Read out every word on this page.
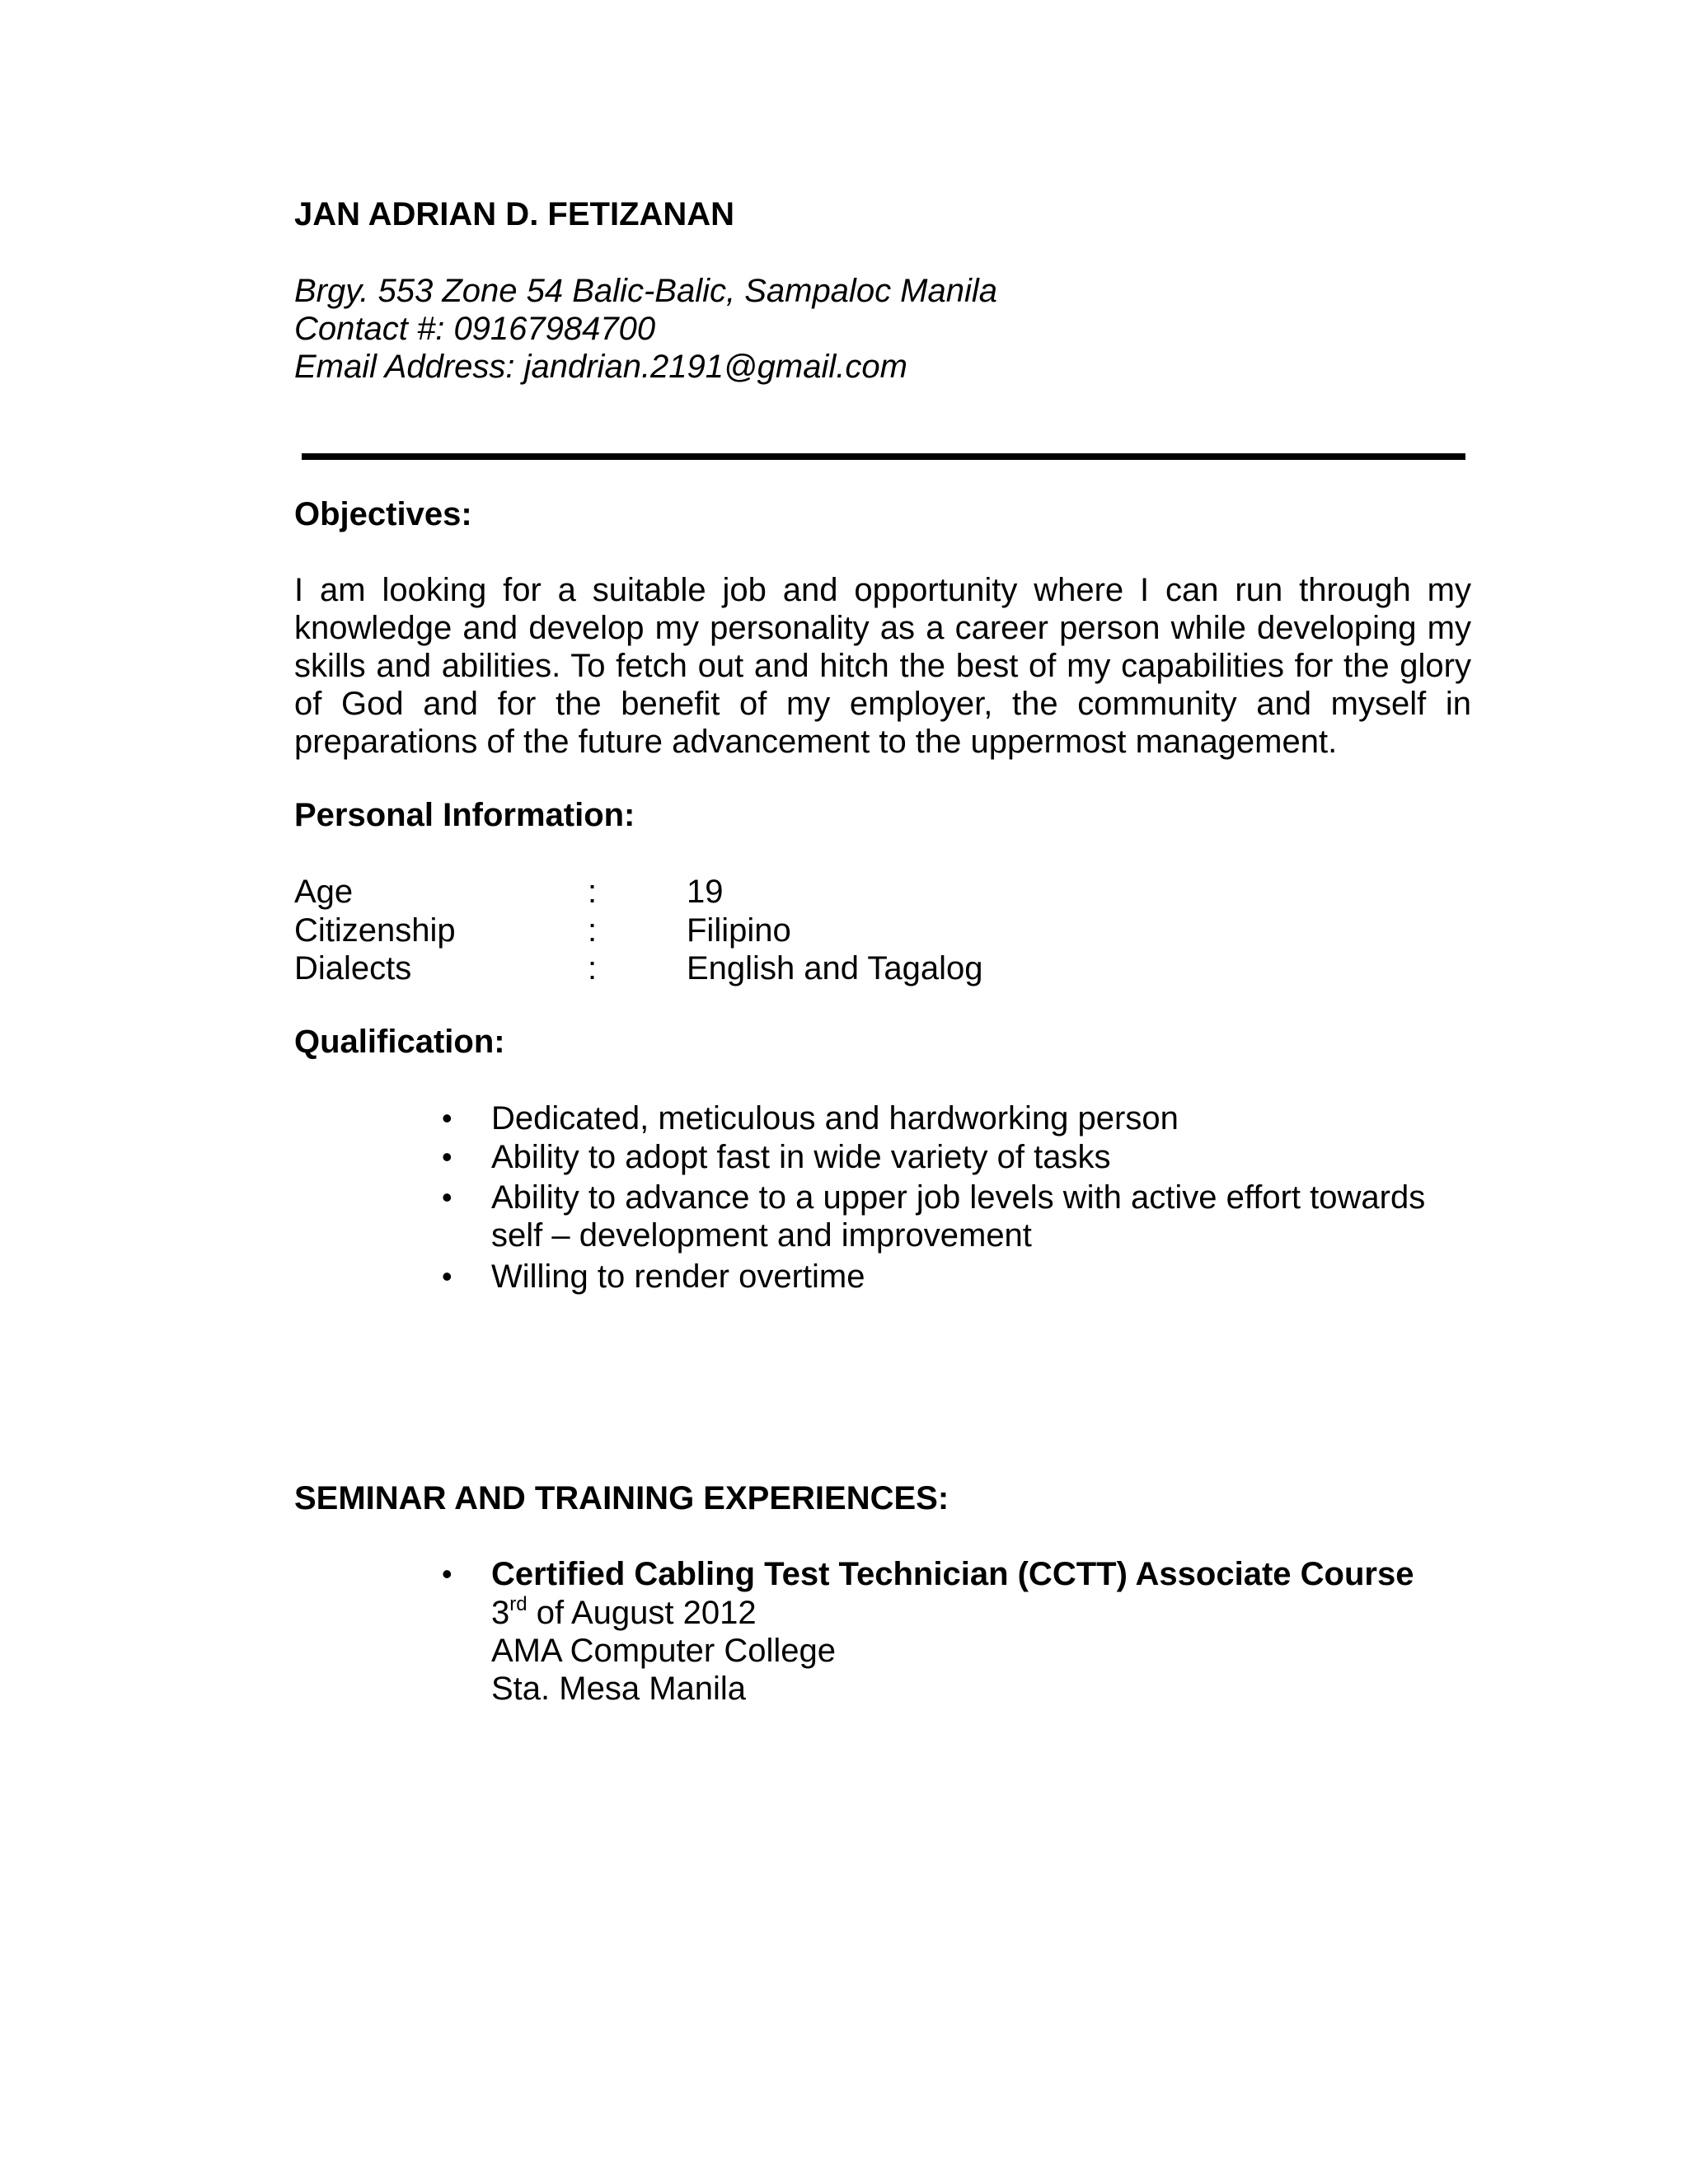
JAN ADRIAN D. FETIZANAN
Brgy. 553 Zone 54 Balic-Balic, Sampaloc Manila
Contact #: 09167984700
Email Address: jandrian.2191@gmail.com
Objectives:
I am looking for a suitable job and opportunity where I can run through my
knowledge and develop my personality as a career person while developing my
skills and abilities. To fetch out and hitch the best of my capabilities for the glory
of God and for the benefit of my employer, the community and myself in
preparations of the future advancement to the uppermost management.
Personal Information:
Age	:	19
Citizenship	:	Filipino
Dialects	:	English and Tagalog
Qualification:
• Dedicated, meticulous and hardworking person
• Ability to adopt fast in wide variety of tasks
• Ability to advance to a upper job levels with active effort towards
self – development and improvement
• Willing to render overtime
SEMINAR AND TRAINING EXPERIENCES:
• Certified Cabling Test Technician (CCTT) Associate Course
3rd of August 2012
AMA Computer College
Sta. Mesa Manila
